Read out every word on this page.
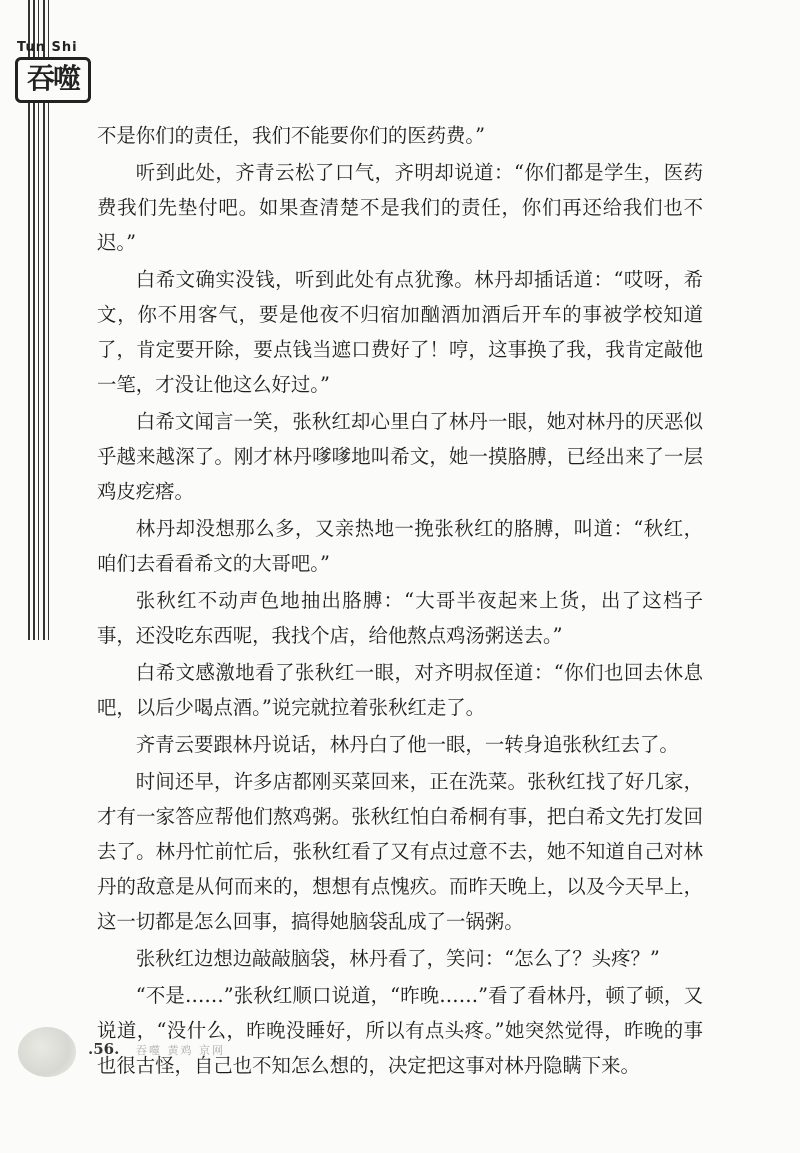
Tun Shi
吞噬

不是你们的责任，我们不能要你们的医药费。”

听到此处，齐青云松了口气，齐明却说道：“你们都是学生，医药费我们先垫付吧。如果查清楚不是我们的责任，你们再还给我们也不迟。”

白希文确实没钱，听到此处有点犹豫。林丹却插话道：“哎呀，希文，你不用客气，要是他夜不归宿加酗酒加酒后开车的事被学校知道了，肯定要开除，要点钱当遮口费好了！哼，这事换了我，我肯定敲他一笔，才没让他这么好过。”

白希文闻言一笑，张秋红却心里白了林丹一眼，她对林丹的厌恶似乎越来越深了。刚才林丹嗲嗲地叫希文，她一摸胳膊，已经出来了一层鸡皮疙瘩。

林丹却没想那么多，又亲热地一挽张秋红的胳膊，叫道：“秋红，咱们去看看希文的大哥吧。”

张秋红不动声色地抽出胳膊：“大哥半夜起来上货，出了这档子事，还没吃东西呢，我找个店，给他熬点鸡汤粥送去。”

白希文感激地看了张秋红一眼，对齐明叔侄道：“你们也回去休息吧，以后少喝点酒。”说完就拉着张秋红走了。

齐青云要跟林丹说话，林丹白了他一眼，一转身追张秋红去了。

时间还早，许多店都刚买菜回来，正在洗菜。张秋红找了好几家，才有一家答应帮他们熬鸡粥。张秋红怕白希桐有事，把白希文先打发回去了。林丹忙前忙后，张秋红看了又有点过意不去，她不知道自己对林丹的敌意是从何而来的，想想有点愧疚。而昨天晚上，以及今天早上，这一切都是怎么回事，搞得她脑袋乱成了一锅粥。

张秋红边想边敲敲脑袋，林丹看了，笑问：“怎么了？头疼？”

“不是……”张秋红顺口说道，“昨晚……”看了看林丹，顿了顿，又说道，“没什么，昨晚没睡好，所以有点头疼。”她突然觉得，昨晚的事也很古怪，自己也不知怎么想的，决定把这事对林丹隐瞒下来。

.56. 吞噬 黄鸡 京网
